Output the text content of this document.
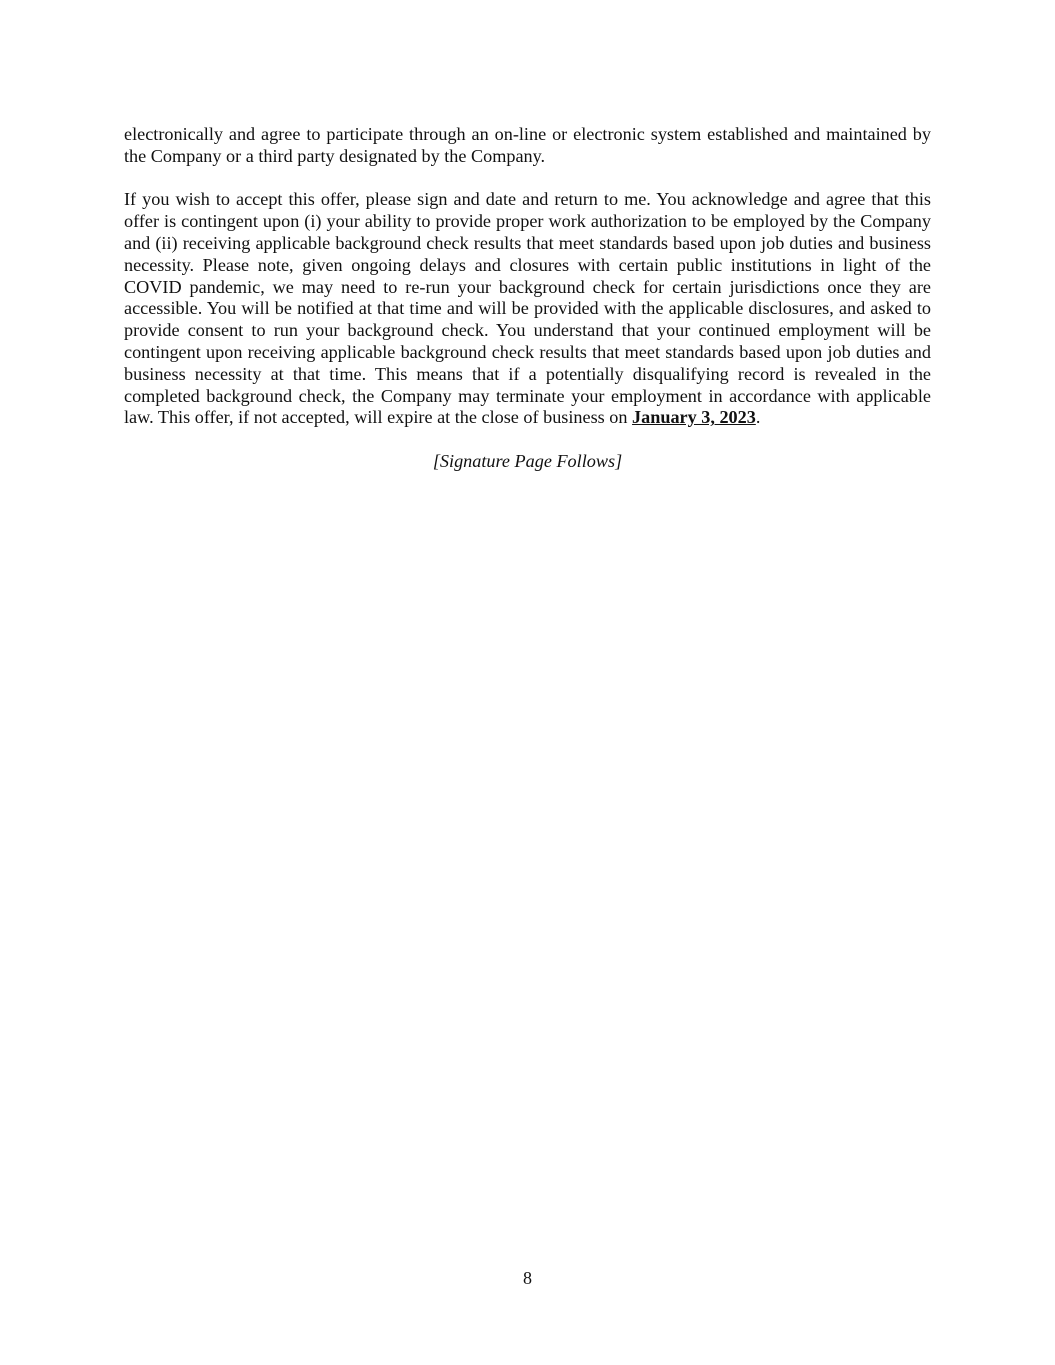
electronically and agree to participate through an on-line or electronic system established and maintained by the Company or a third party designated by the Company.

If you wish to accept this offer, please sign and date and return to me. You acknowledge and agree that this offer is contingent upon (i) your ability to provide proper work authorization to be employed by the Company and (ii) receiving applicable background check results that meet standards based upon job duties and business necessity. Please note, given ongoing delays and closures with certain public institutions in light of the COVID pandemic, we may need to re-run your background check for certain jurisdictions once they are accessible. You will be notified at that time and will be provided with the applicable disclosures, and asked to provide consent to run your background check. You understand that your continued employment will be contingent upon receiving applicable background check results that meet standards based upon job duties and business necessity at that time. This means that if a potentially disqualifying record is revealed in the completed background check, the Company may terminate your employment in accordance with applicable law. This offer, if not accepted, will expire at the close of business on January 3, 2023.

[Signature Page Follows]

8
